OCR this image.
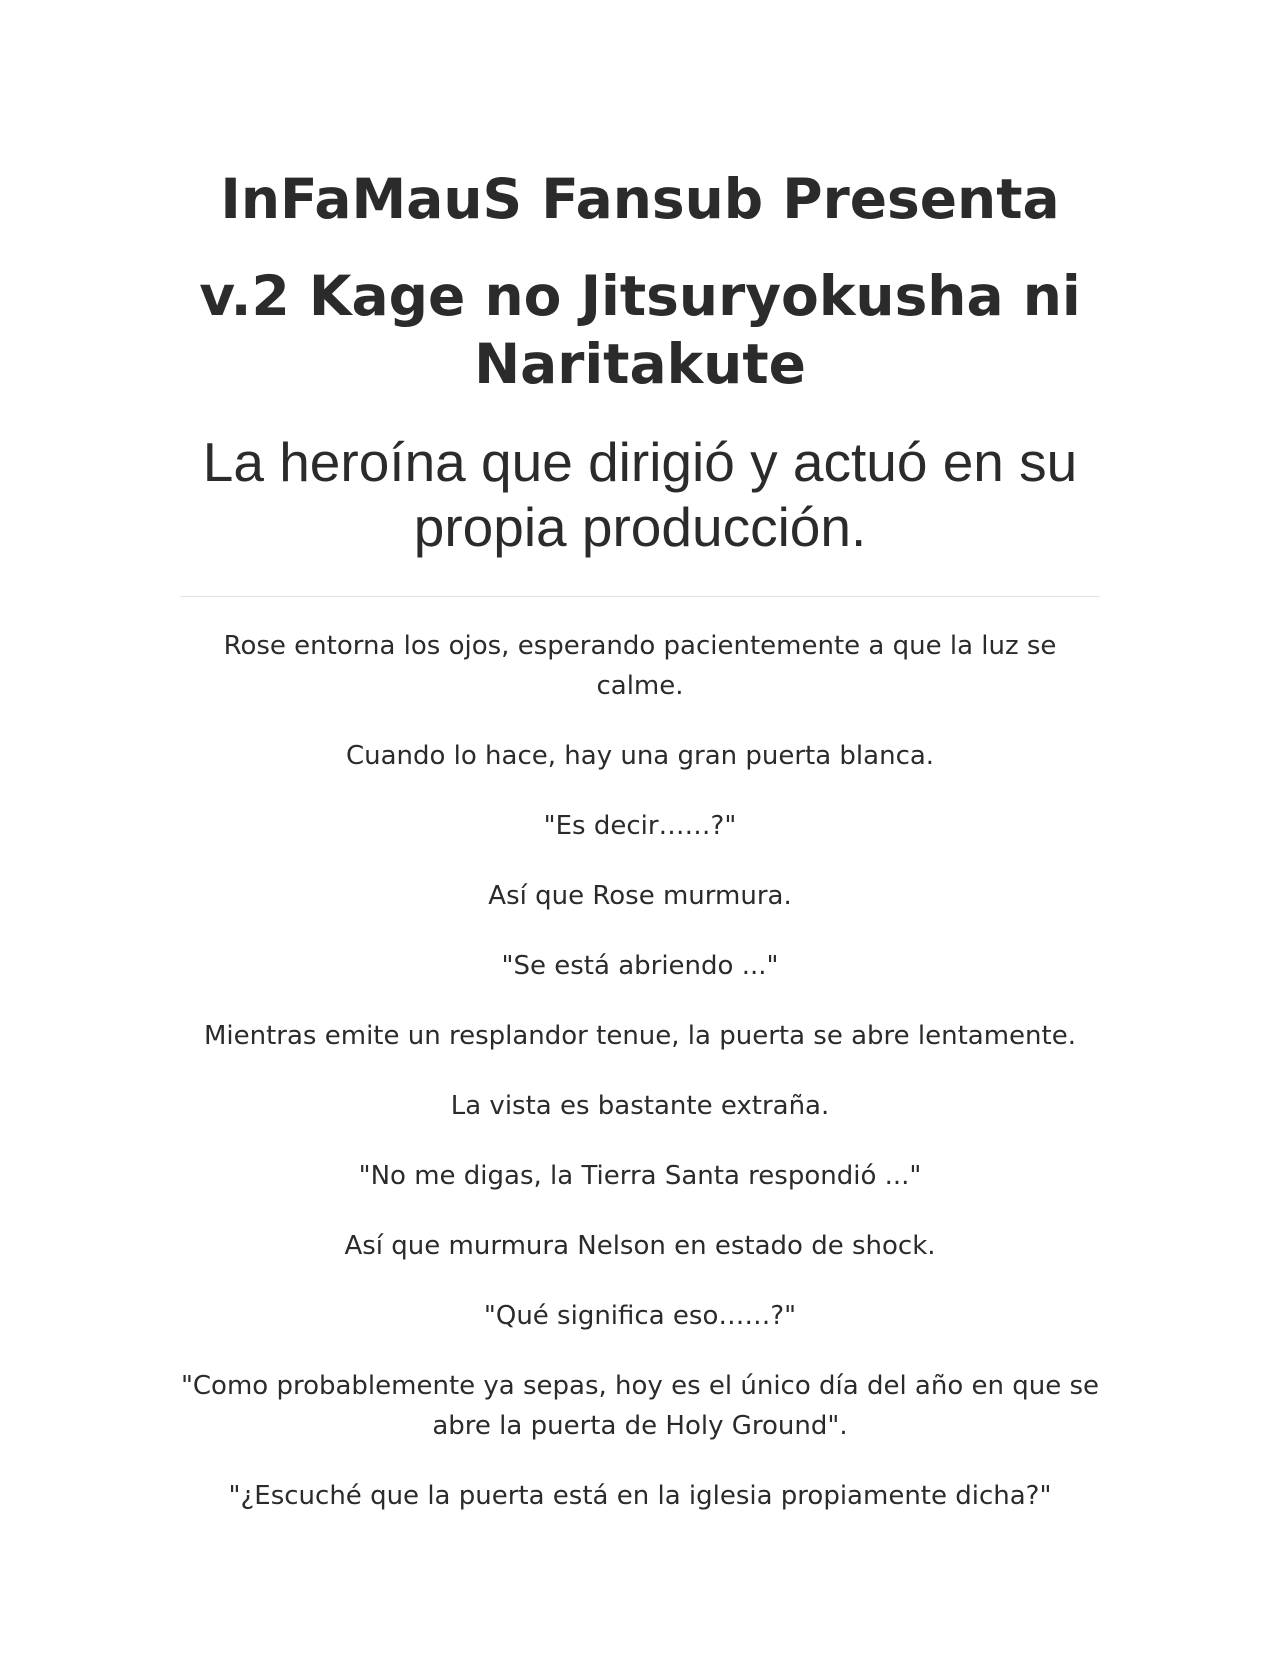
InFaMauS Fansub Presenta
v.2 Kage no Jitsuryokusha ni Naritakute
La heroína que dirigió y actuó en su propia producción.

Rose entorna los ojos, esperando pacientemente a que la luz se calme.

Cuando lo hace, hay una gran puerta blanca.

"Es decir……?"

Así que Rose murmura.

"Se está abriendo ..."

Mientras emite un resplandor tenue, la puerta se abre lentamente.

La vista es bastante extraña.

"No me digas, la Tierra Santa respondió ..."

Así que murmura Nelson en estado de shock.

"Qué significa eso……?"

"Como probablemente ya sepas, hoy es el único día del año en que se abre la puerta de Holy Ground".

"¿Escuché que la puerta está en la iglesia propiamente dicha?"
